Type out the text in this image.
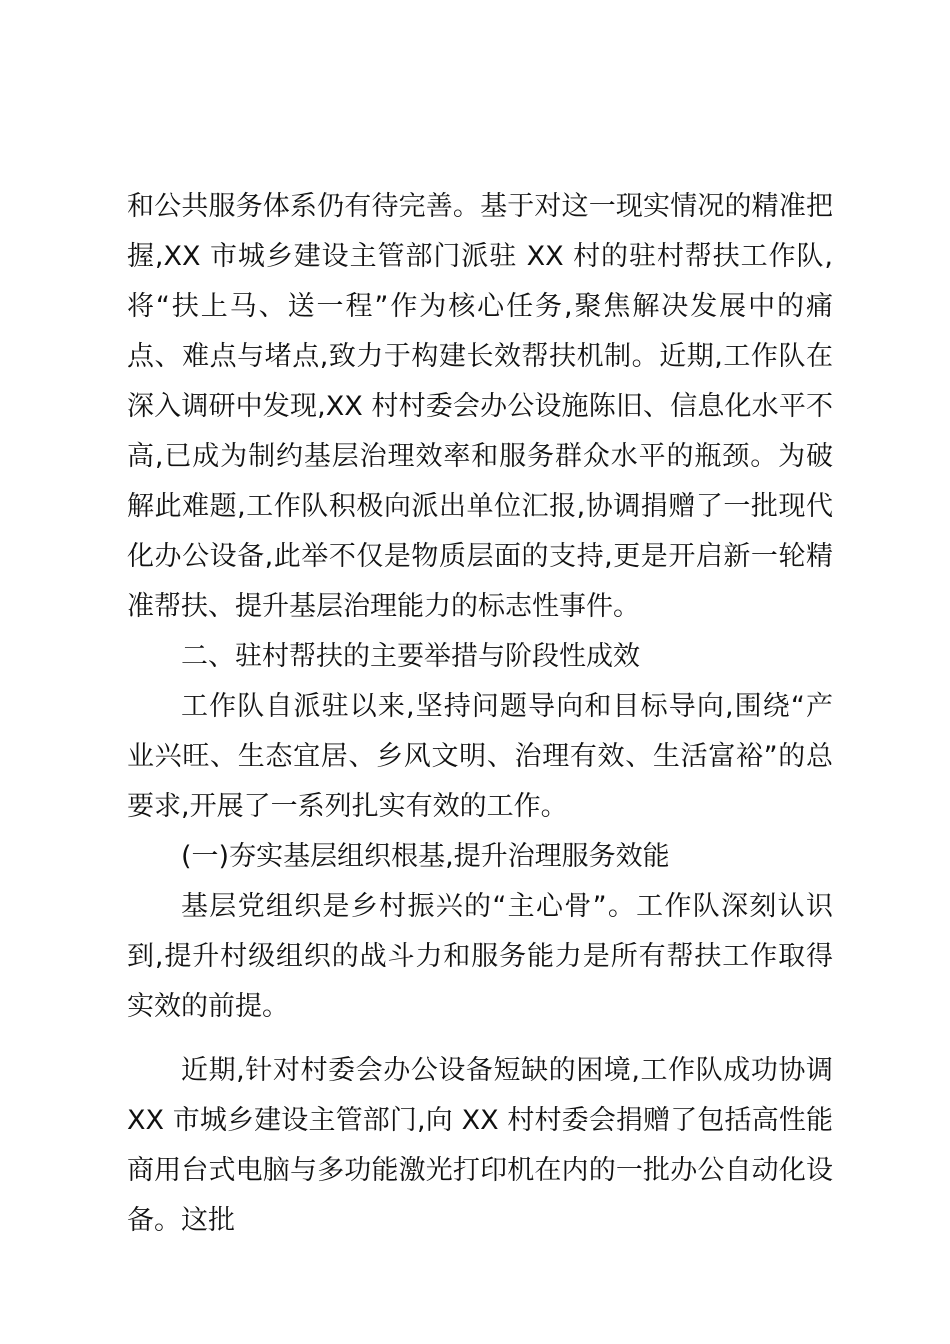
和公共服务体系仍有待完善。基于对这一现实情况的精准把握,XX 市城乡建设主管部门派驻 XX 村的驻村帮扶工作队,将“扶上马、送一程”作为核心任务,聚焦解决发展中的痛点、难点与堵点,致力于构建长效帮扶机制。近期,工作队在深入调研中发现,XX 村村委会办公设施陈旧、信息化水平不高,已成为制约基层治理效率和服务群众水平的瓶颈。为破解此难题,工作队积极向派出单位汇报,协调捐赠了一批现代化办公设备,此举不仅是物质层面的支持,更是开启新一轮精准帮扶、提升基层治理能力的标志性事件。

二、驻村帮扶的主要举措与阶段性成效

工作队自派驻以来,坚持问题导向和目标导向,围绕“产业兴旺、生态宜居、乡风文明、治理有效、生活富裕”的总要求,开展了一系列扎实有效的工作。

(一)夯实基层组织根基,提升治理服务效能

基层党组织是乡村振兴的“主心骨”。工作队深刻认识到,提升村级组织的战斗力和服务能力是所有帮扶工作取得实效的前提。

近期,针对村委会办公设备短缺的困境,工作队成功协调 XX 市城乡建设主管部门,向 XX 村村委会捐赠了包括高性能商用台式电脑与多功能激光打印机在内的一批办公自动化设备。这批
